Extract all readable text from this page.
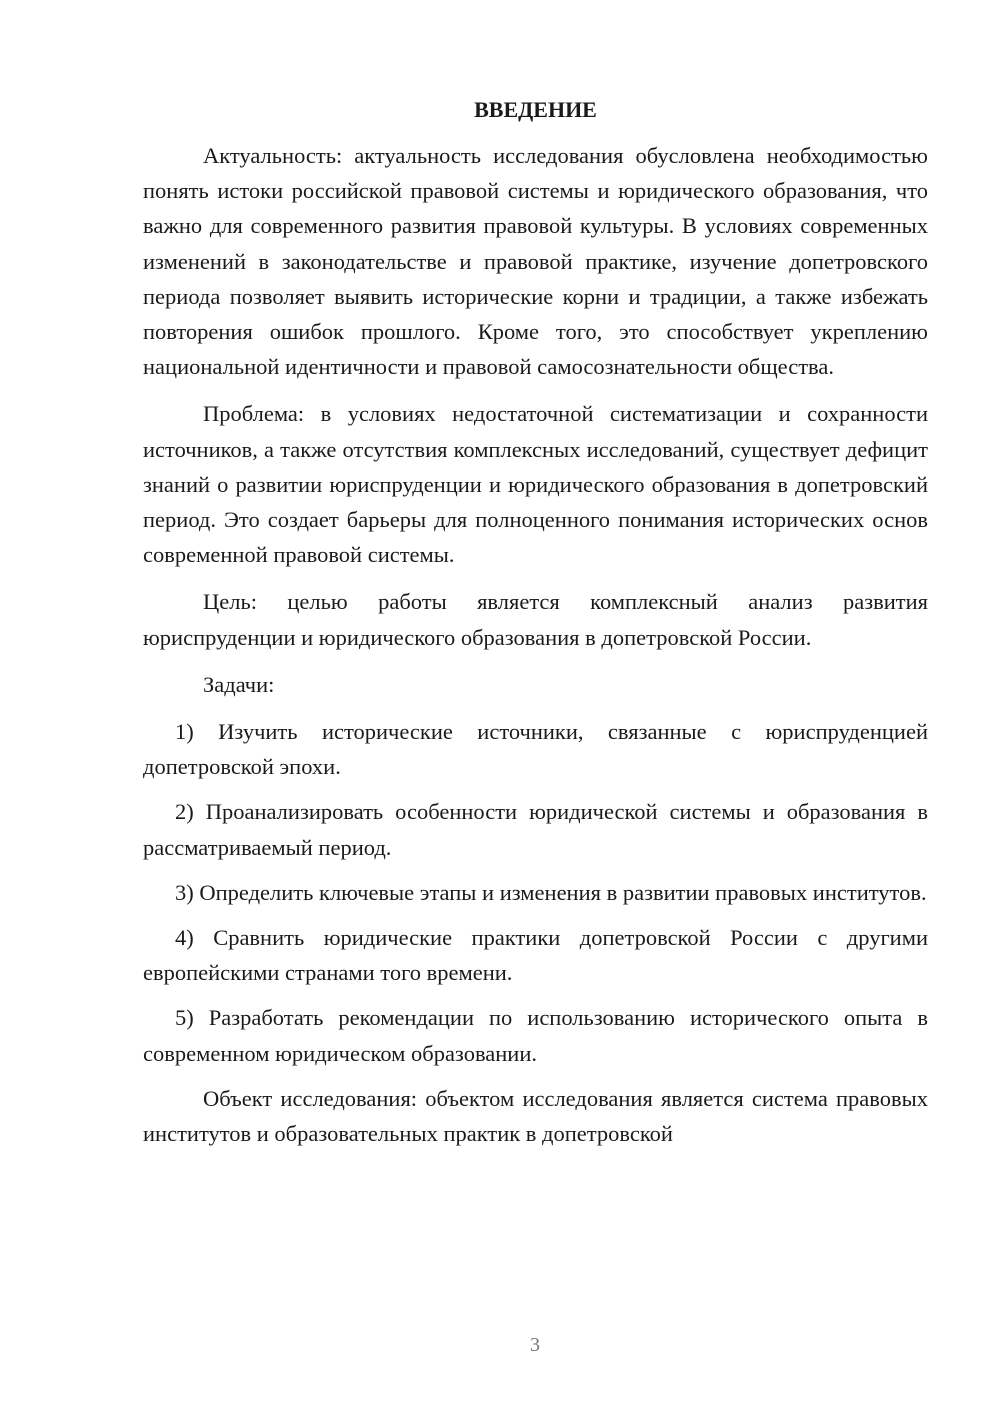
ВВЕДЕНИЕ

Актуальность: актуальность исследования обусловлена необходимостью понять истоки российской правовой системы и юридического образования, что важно для современного развития правовой культуры. В условиях современных изменений в законодательстве и правовой практике, изучение допетровского периода позволяет выявить исторические корни и традиции, а также избежать повторения ошибок прошлого. Кроме того, это способствует укреплению национальной идентичности и правовой самосознательности общества.

Проблема: в условиях недостаточной систематизации и сохранности источников, а также отсутствия комплексных исследований, существует дефицит знаний о развитии юриспруденции и юридического образования в допетровский период. Это создает барьеры для полноценного понимания исторических основ современной правовой системы.

Цель: целью работы является комплексный анализ развития юриспруденции и юридического образования в допетровской России.

Задачи:

1) Изучить исторические источники, связанные с юриспруденцией допетровской эпохи.

2) Проанализировать особенности юридической системы и образования в рассматриваемый период.

3) Определить ключевые этапы и изменения в развитии правовых институтов.

4) Сравнить юридические практики допетровской России с другими европейскими странами того времени.

5) Разработать рекомендации по использованию исторического опыта в современном юридическом образовании.

Объект исследования: объектом исследования является система правовых институтов и образовательных практик в допетровской

3
